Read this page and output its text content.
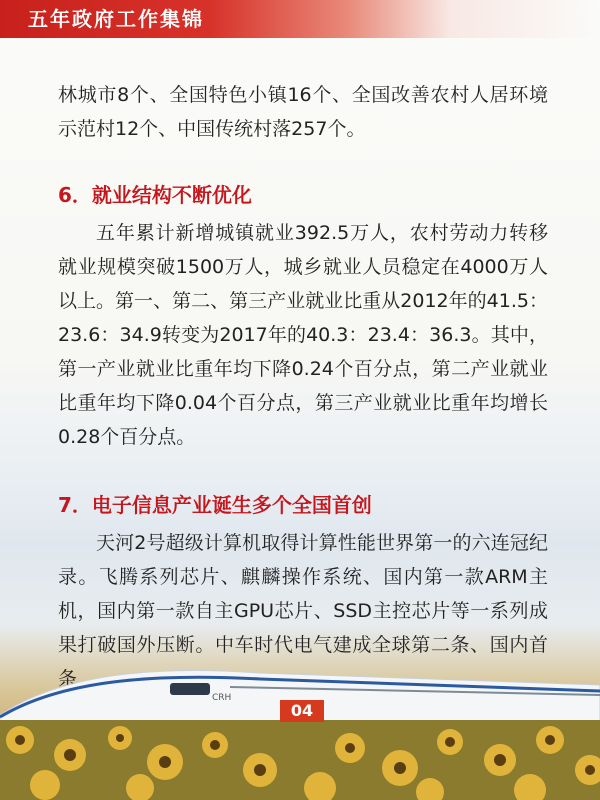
五年政府工作集锦

林城市8个、全国特色小镇16个、全国改善农村人居环境示范村12个、中国传统村落257个。

6．就业结构不断优化

五年累计新增城镇就业392.5万人，农村劳动力转移就业规模突破1500万人，城乡就业人员稳定在4000万人以上。第一、第二、第三产业就业比重从2012年的41.5：23.6：34.9转变为2017年的40.3：23.4：36.3。其中，第一产业就业比重年均下降0.24个百分点，第二产业就业比重年均下降0.04个百分点，第三产业就业比重年均增长0.28个百分点。

7．电子信息产业诞生多个全国首创

天河2号超级计算机取得计算性能世界第一的六连冠纪录。飞腾系列芯片、麒麟操作系统、国内第一款ARM主机，国内第一款自主GPU芯片、SSD主控芯片等一系列成果打破国外压断。中车时代电气建成全球第二条、国内首条

CRH
04
